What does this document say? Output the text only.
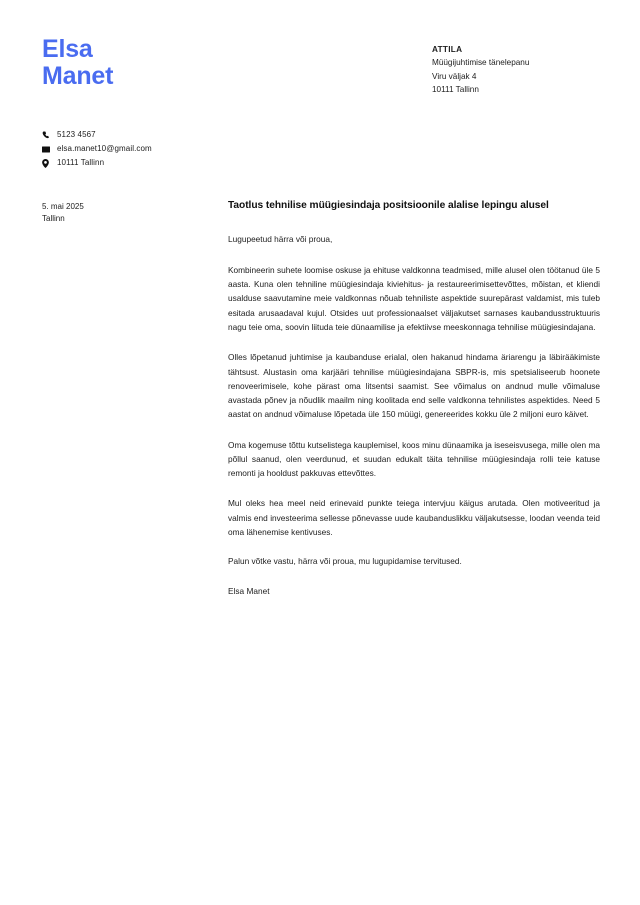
Elsa
Manet
ATTILA
Müügijuhtimise tänelepanu
Viru väljak 4
10111 Tallinn
5123 4567
elsa.manet10@gmail.com
10111 Tallinn
5. mai 2025
Tallinn

Taotlus tehnilise müügiesindaja positsioonile alalise lepingu alusel

Lugupeetud härra või proua,

Kombineerin suhete loomise oskuse ja ehituse valdkonna teadmised, mille alusel olen töötanud üle 5 aasta. Kuna olen tehniline müügiesindaja kiviehitus- ja restaureerimisettevõttes, mõistan, et kliendi usalduse saavutamine meie valdkonnas nõuab tehniliste aspektide suurepärast valdamist, mis tuleb esitada arusaadaval kujul. Otsides uut professionaalset väljakutset sarnases kaubandusstruktuuris nagu teie oma, soovin liituda teie dünaamilise ja efektiivse meeskonnaga tehnilise müügiesindajana.

Olles lõpetanud juhtimise ja kaubanduse erialal, olen hakanud hindama äriarengu ja läbirääkimiste tähtsust. Alustasin oma karjääri tehnilise müügiesindajana SBPR-is, mis spetsialiseerub hoonete renoveerimisele, kohe pärast oma litsentsi saamist. See võimalus on andnud mulle võimaluse avastada põnev ja nõudlik maailm ning koolitada end selle valdkonna tehnilistes aspektides. Need 5 aastat on andnud võimaluse lõpetada üle 150 müügi, genereerides kokku üle 2 miljoni euro käivet.

Oma kogemuse tõttu kutselistega kauplemisel, koos minu dünaamika ja iseseisvusega, mille olen ma põllul saanud, olen veerdunud, et suudan edukalt täita tehnilise müügiesindaja rolli teie katuse remonti ja hooldust pakkuvas ettevõttes.

Mul oleks hea meel neid erinevaid punkte teiega intervjuu käigus arutada. Olen motiveeritud ja valmis end investeerima sellesse põnevasse uude kaubanduslikku väljakutsesse, loodan veenda teid oma lähenemise kentivuses.

Palun võtke vastu, härra või proua, mu lugupidamise tervitused.

Elsa Manet
